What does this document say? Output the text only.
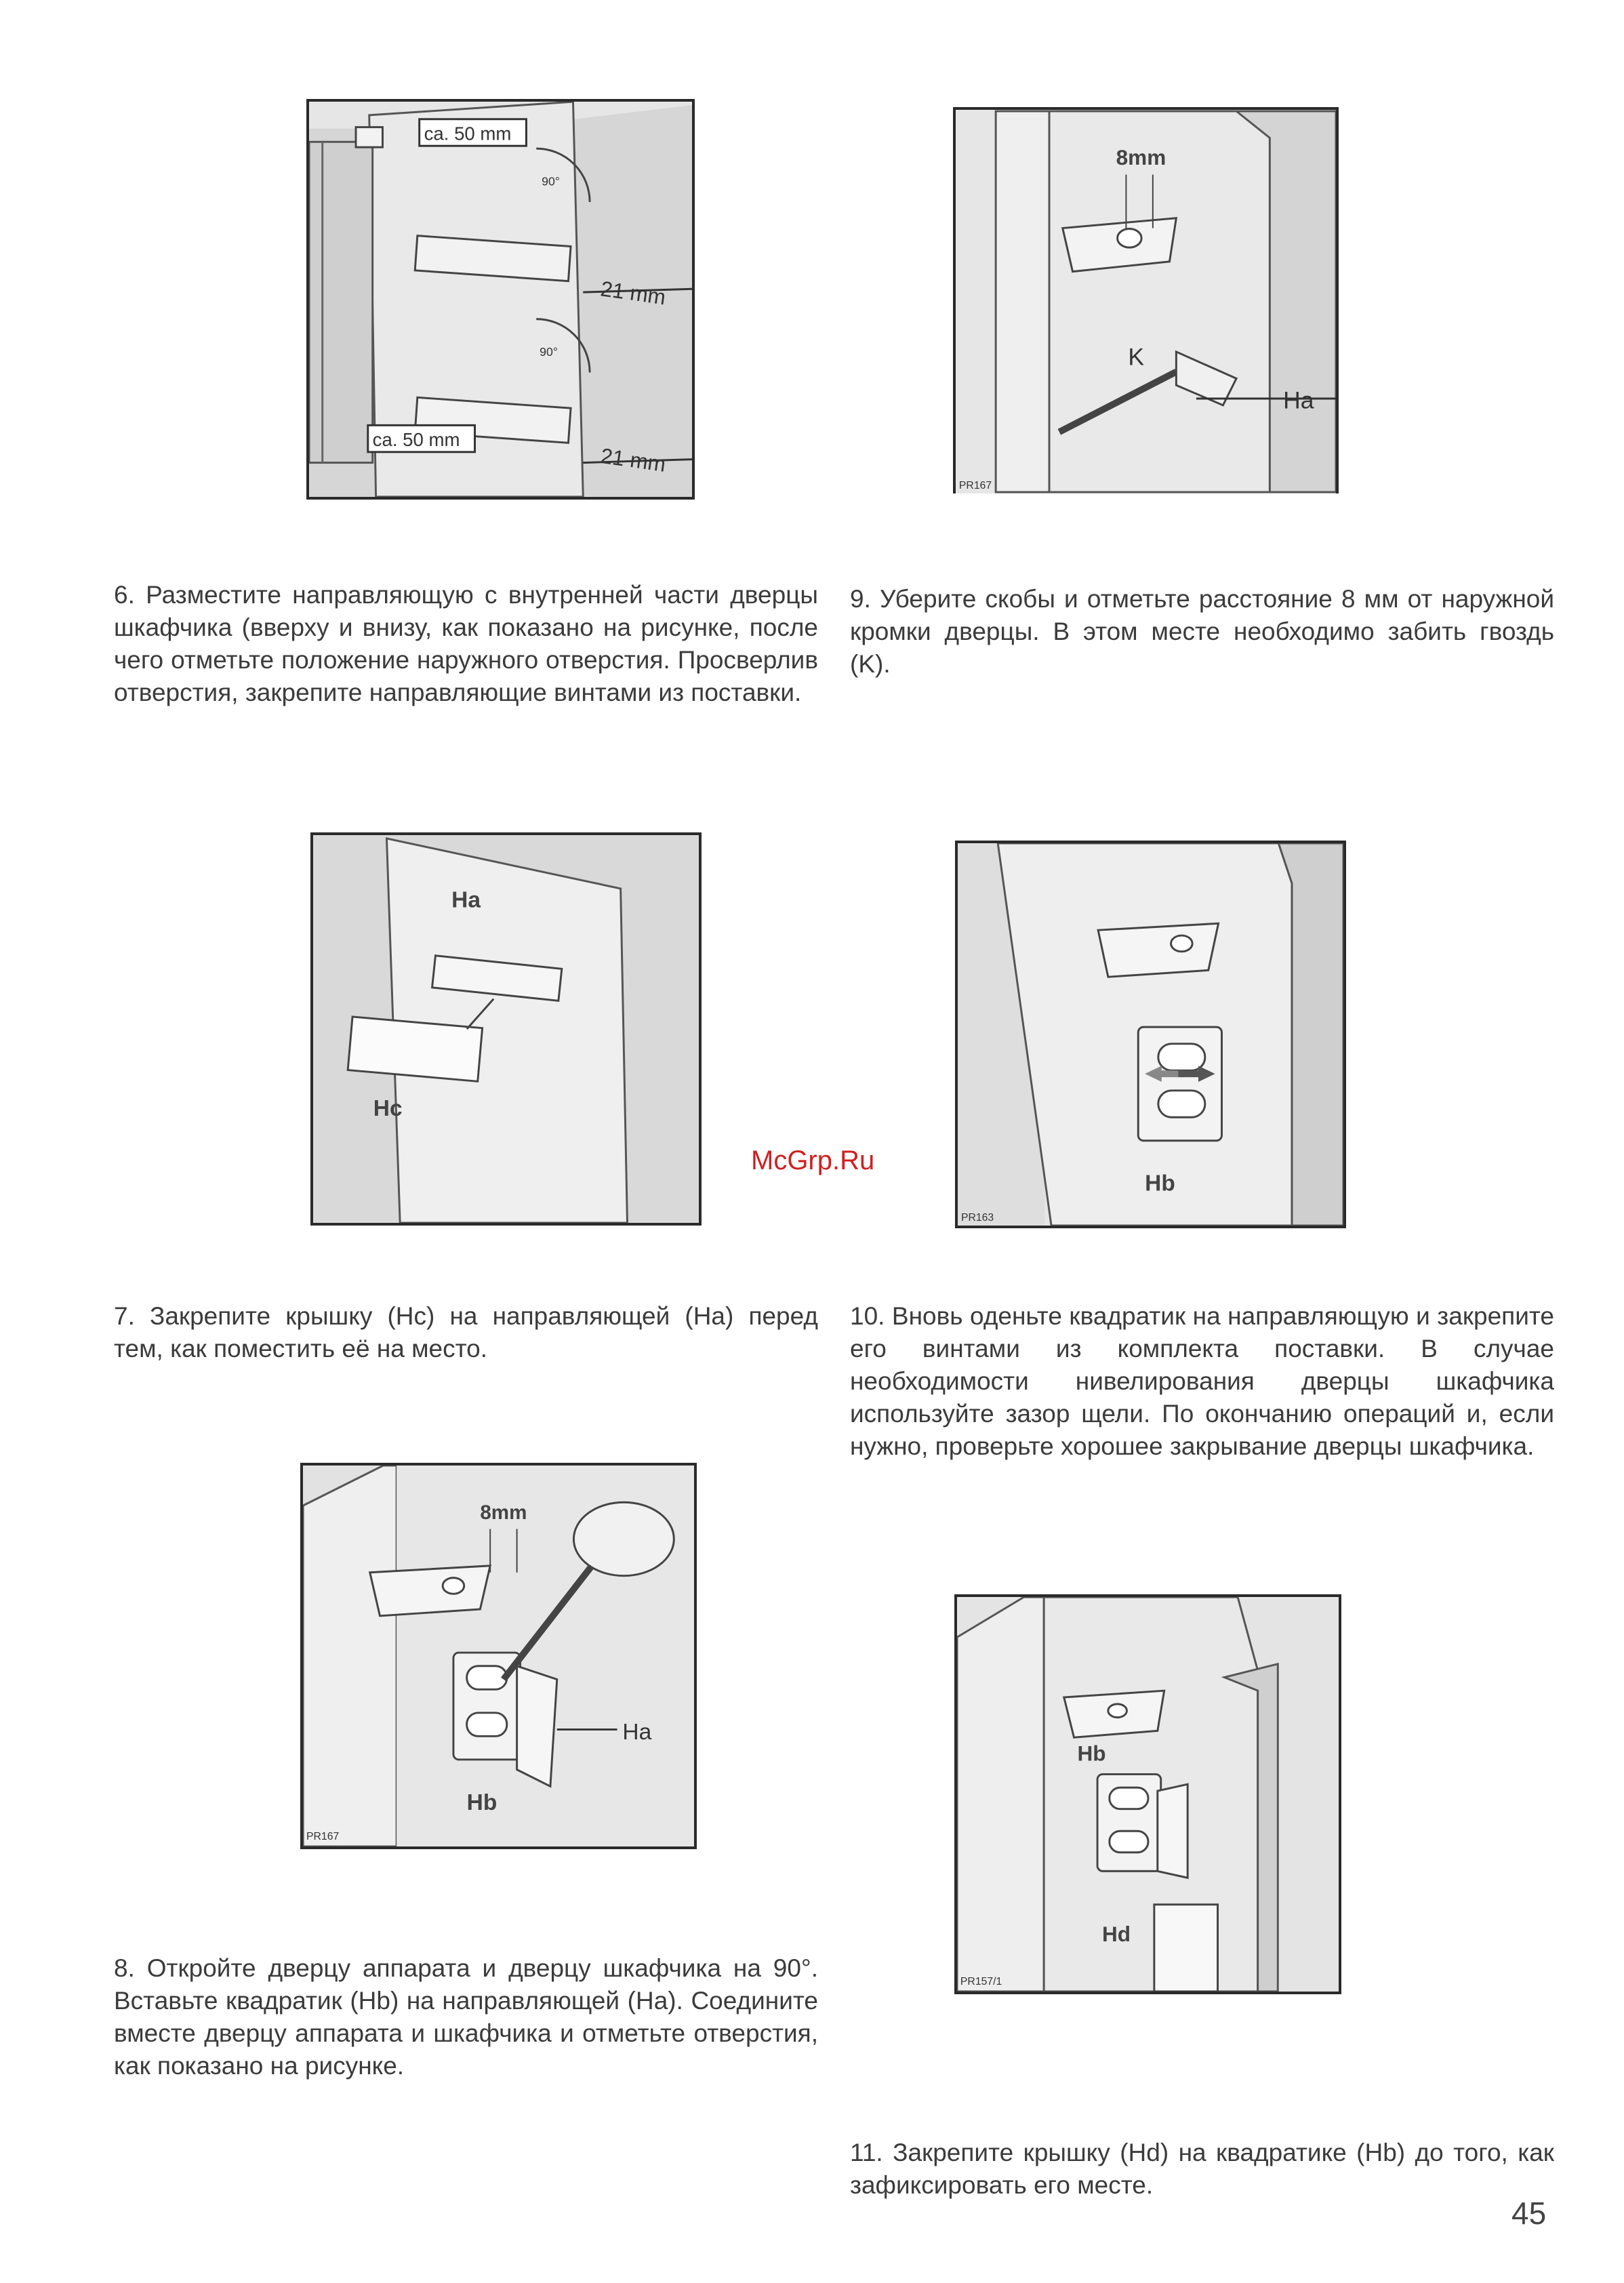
ca. 50 mm
ca. 50 mm
21 mm
21 mm
90°
90°
8mm
K
Ha
PR167
Ha
Hc
Hb
PR163
8mm
Ha
Hb
PR167
Hb
Hd
PR157/1

6. Разместите направляющую с внутренней части дверцы шкафчика (вверху и внизу, как показано на рисунке, после чего отметьте положение наружного отверстия. Просверлив отверстия, закрепите направляющие винтами из поставки.

9. Уберите скобы и отметьте расстояние 8 мм от наружной кромки дверцы. В этом месте необходимо забить гвоздь (K).

7. Закрепите крышку (Hc) на направляющей (Ha) перед тем, как поместить её на место.

10. Вновь оденьте квадратик на направляющую и закрепите его винтами из комплекта поставки. В случае необходимости нивелирования дверцы шкафчика используйте зазор щели. По окончанию операций и, если нужно, проверьте хорошее закрывание дверцы шкафчика.

8. Откройте дверцу аппарата и дверцу шкафчика на 90°. Вставьте квадратик (Hb) на направляющей (Ha). Соедините вместе дверцу аппарата и шкафчика и отметьте отверстия, как показано на рисунке.

11. Закрепите крышку (Hd) на квадратике (Hb) до того, как зафиксировать его месте.

McGrp.Ru
45
